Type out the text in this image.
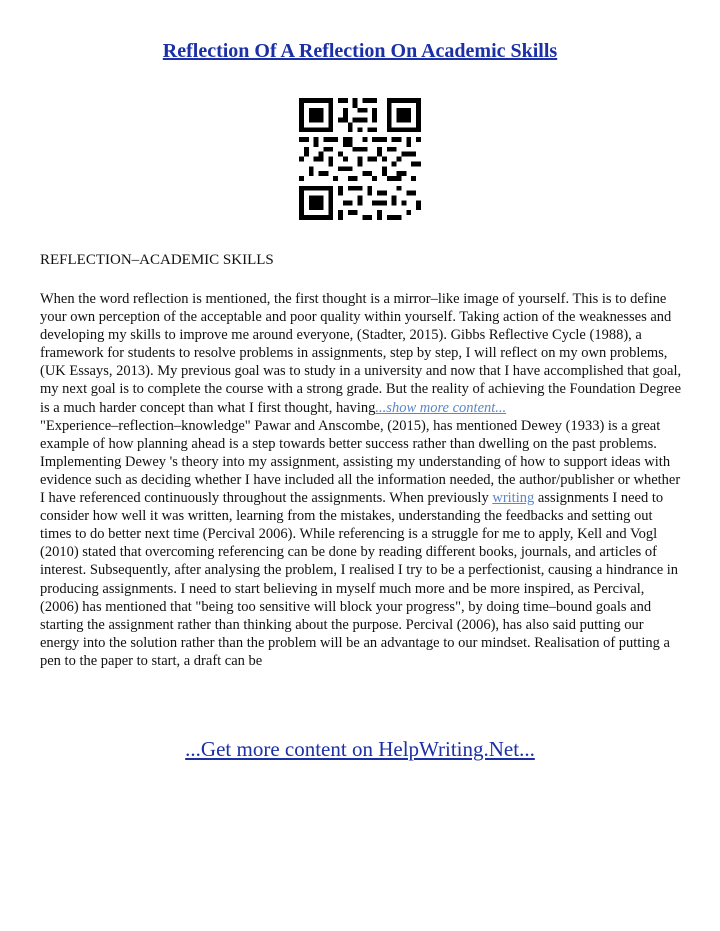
Reflection Of A Reflection On Academic Skills

REFLECTION–ACADEMIC SKILLS

When the word reflection is mentioned, the first thought is a mirror–like image of yourself. This is to define your own perception of the acceptable and poor quality within yourself. Taking action of the weaknesses and developing my skills to improve me around everyone, (Stadter, 2015). Gibbs Reflective Cycle (1988), a framework for students to resolve problems in assignments, step by step, I will reflect on my own problems, (UK Essays, 2013). My previous goal was to study in a university and now that I have accomplished that goal, my next goal is to complete the course with a strong grade. But the reality of achieving the Foundation Degree is a much harder concept than what I first thought, having...show more content...
"Experience–reflection–knowledge" Pawar and Anscombe, (2015), has mentioned Dewey (1933) is a great example of how planning ahead is a step towards better success rather than dwelling on the past problems. Implementing Dewey 's theory into my assignment, assisting my understanding of how to support ideas with evidence such as deciding whether I have included all the information needed, the author/publisher or whether I have referenced continuously throughout the assignments. When previously writing assignments I need to consider how well it was written, learning from the mistakes, understanding the feedbacks and setting out times to do better next time (Percival 2006). While referencing is a struggle for me to apply, Kell and Vogl (2010) stated that overcoming referencing can be done by reading different books, journals, and articles of interest. Subsequently, after analysing the problem, I realised I try to be a perfectionist, causing a hindrance in producing assignments. I need to start believing in myself much more and be more inspired, as Percival, (2006) has mentioned that "being too sensitive will block your progress", by doing time–bound goals and starting the assignment rather than thinking about the purpose. Percival (2006), has also said putting our energy into the solution rather than the problem will be an advantage to our mindset. Realisation of putting a pen to the paper to start, a draft can be

...Get more content on HelpWriting.Net...
